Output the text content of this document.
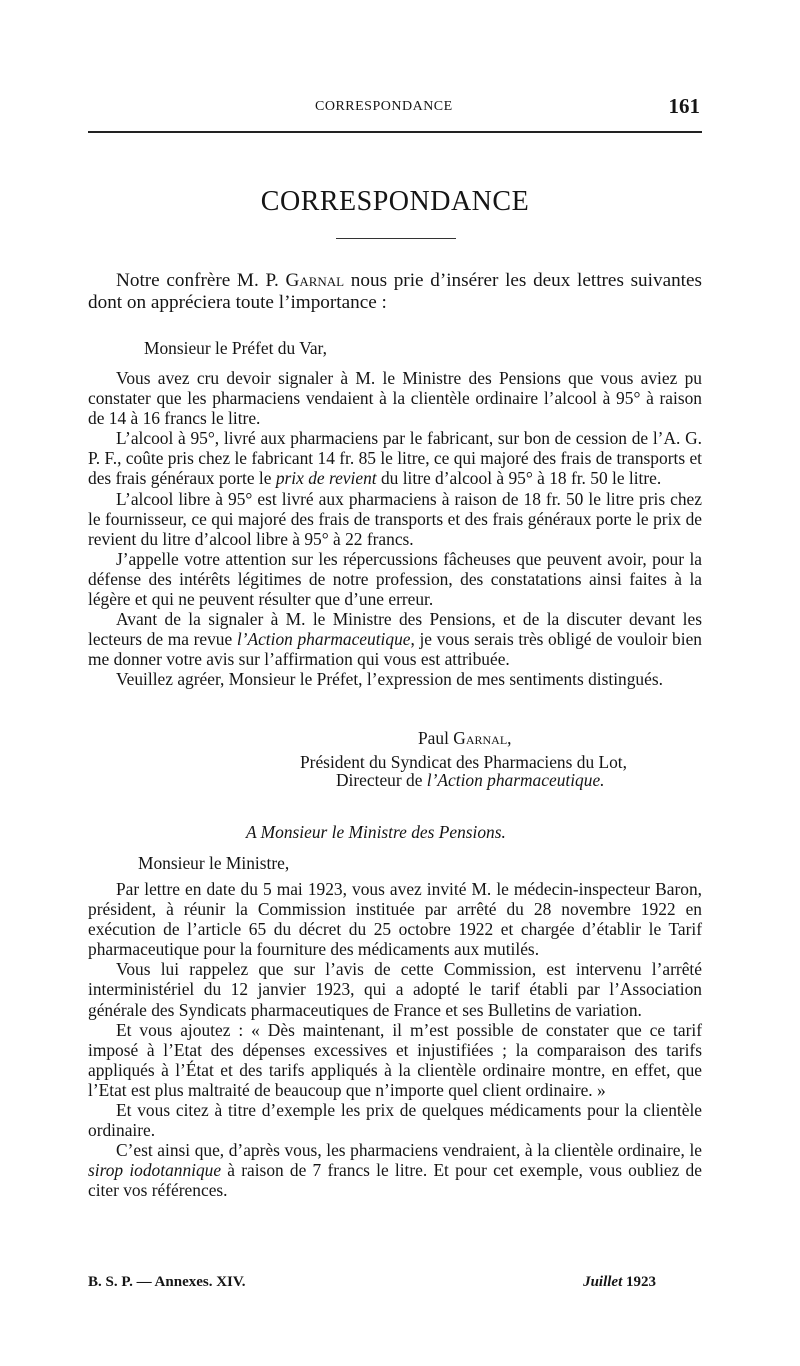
CORRESPONDANCE	161
CORRESPONDANCE

Notre confrère M. P. Garnal nous prie d’insérer les deux lettres suivantes dont on appréciera toute l’importance :

Monsieur le Préfet du Var,

Vous avez cru devoir signaler à M. le Ministre des Pensions que vous aviez pu constater que les pharmaciens vendaient à la clientèle ordinaire l’alcool à 95° à raison de 14 à 16 francs le litre.

L’alcool à 95°, livré aux pharmaciens par le fabricant, sur bon de cession de l’A. G. P. F., coûte pris chez le fabricant 14 fr. 85 le litre, ce qui majoré des frais de transports et des frais généraux porte le prix de revient du litre d’alcool à 95° à 18 fr. 50 le litre.

L’alcool libre à 95° est livré aux pharmaciens à raison de 18 fr. 50 le litre pris chez le fournisseur, ce qui majoré des frais de transports et des frais généraux porte le prix de revient du litre d’alcool libre à 95° à 22 francs.

J’appelle votre attention sur les répercussions fâcheuses que peuvent avoir, pour la défense des intérêts légitimes de notre profession, des constatations ainsi faites à la légère et qui ne peuvent résulter que d’une erreur.

Avant de la signaler à M. le Ministre des Pensions, et de la discuter devant les lecteurs de ma revue l’Action pharmaceutique, je vous serais très obligé de vouloir bien me donner votre avis sur l’affirmation qui vous est attribuée.

Veuillez agréer, Monsieur le Préfet, l’expression de mes sentiments distingués.

Paul Garnal,
Président du Syndicat des Pharmaciens du Lot,
Directeur de l’Action pharmaceutique.
A Monsieur le Ministre des Pensions.
Monsieur le Ministre,

Par lettre en date du 5 mai 1923, vous avez invité M. le médecin-inspecteur Baron, président, à réunir la Commission instituée par arrêté du 28 novembre 1922 en exécution de l’article 65 du décret du 25 octobre 1922 et chargée d’établir le Tarif pharmaceutique pour la fourniture des médicaments aux mutilés.

Vous lui rappelez que sur l’avis de cette Commission, est intervenu l’arrêté interministériel du 12 janvier 1923, qui a adopté le tarif établi par l’Association générale des Syndicats pharmaceutiques de France et ses Bulletins de variation.

Et vous ajoutez : « Dès maintenant, il m’est possible de constater que ce tarif imposé à l’Etat des dépenses excessives et injustifiées ; la comparaison des tarifs appliqués à l’État et des tarifs appliqués à la clientèle ordinaire montre, en effet, que l’Etat est plus maltraité de beaucoup que n’importe quel client ordinaire. »

Et vous citez à titre d’exemple les prix de quelques médicaments pour la clientèle ordinaire.

C’est ainsi que, d’après vous, les pharmaciens vendraient, à la clientèle ordinaire, le sirop iodotannique à raison de 7 francs le litre. Et pour cet exemple, vous oubliez de citer vos références.

B. S. P. — Annexes. XIV.	Juillet 1923
